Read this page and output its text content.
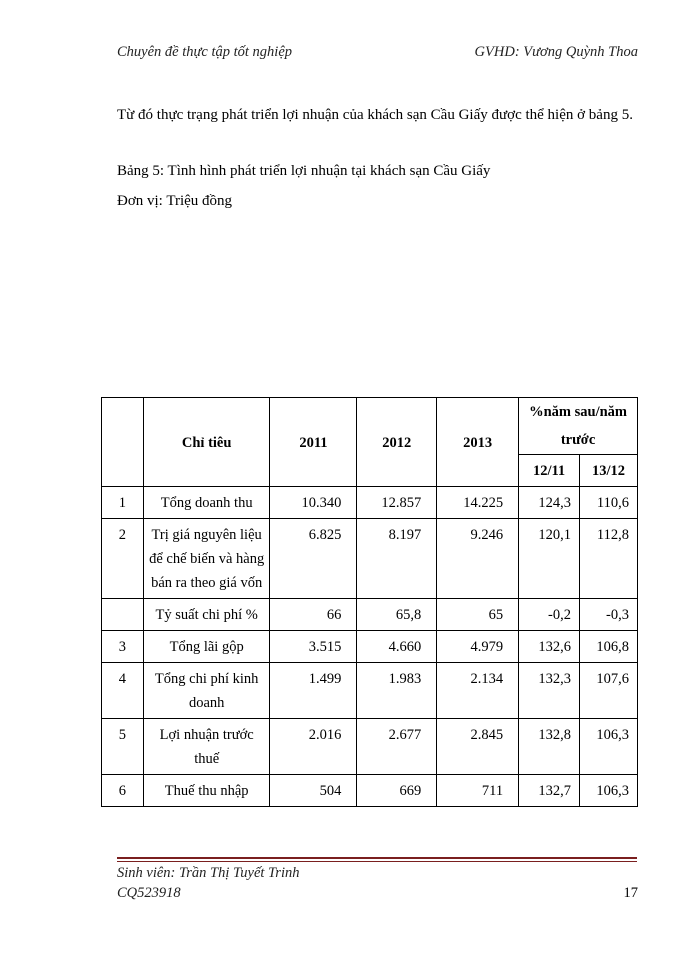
Chuyên đề thực tập tốt nghiệp	GVHD: Vương Quỳnh Thoa
Từ đó thực trạng phát triển lợi nhuận của khách sạn Cầu Giấy được thể hiện ở bảng 5.
Bảng 5: Tình hình phát triển lợi nhuận tại khách sạn Cầu Giấy
Đơn vị: Triệu đồng
	Chỉ tiêu	2011	2012	2013	%năm sau/năm trước	
					12/11	13/12
1	Tổng doanh thu	10.340	12.857	14.225	124,3	110,6
2	Trị giá nguyên liệu để chế biến và hàng bán ra theo giá vốn	6.825	8.197	9.246	120,1	112,8
	Tỷ suất chi phí %	66	65,8	65	-0,2	-0,3
3	Tổng lãi gộp	3.515	4.660	4.979	132,6	106,8
4	Tổng chi phí kinh doanh	1.499	1.983	2.134	132,3	107,6
5	Lợi nhuận trước thuế	2.016	2.677	2.845	132,8	106,3
6	Thuế thu nhập	504	669	711	132,7	106,3
Sinh viên: Trần Thị Tuyết Trinh
CQ523918	17
